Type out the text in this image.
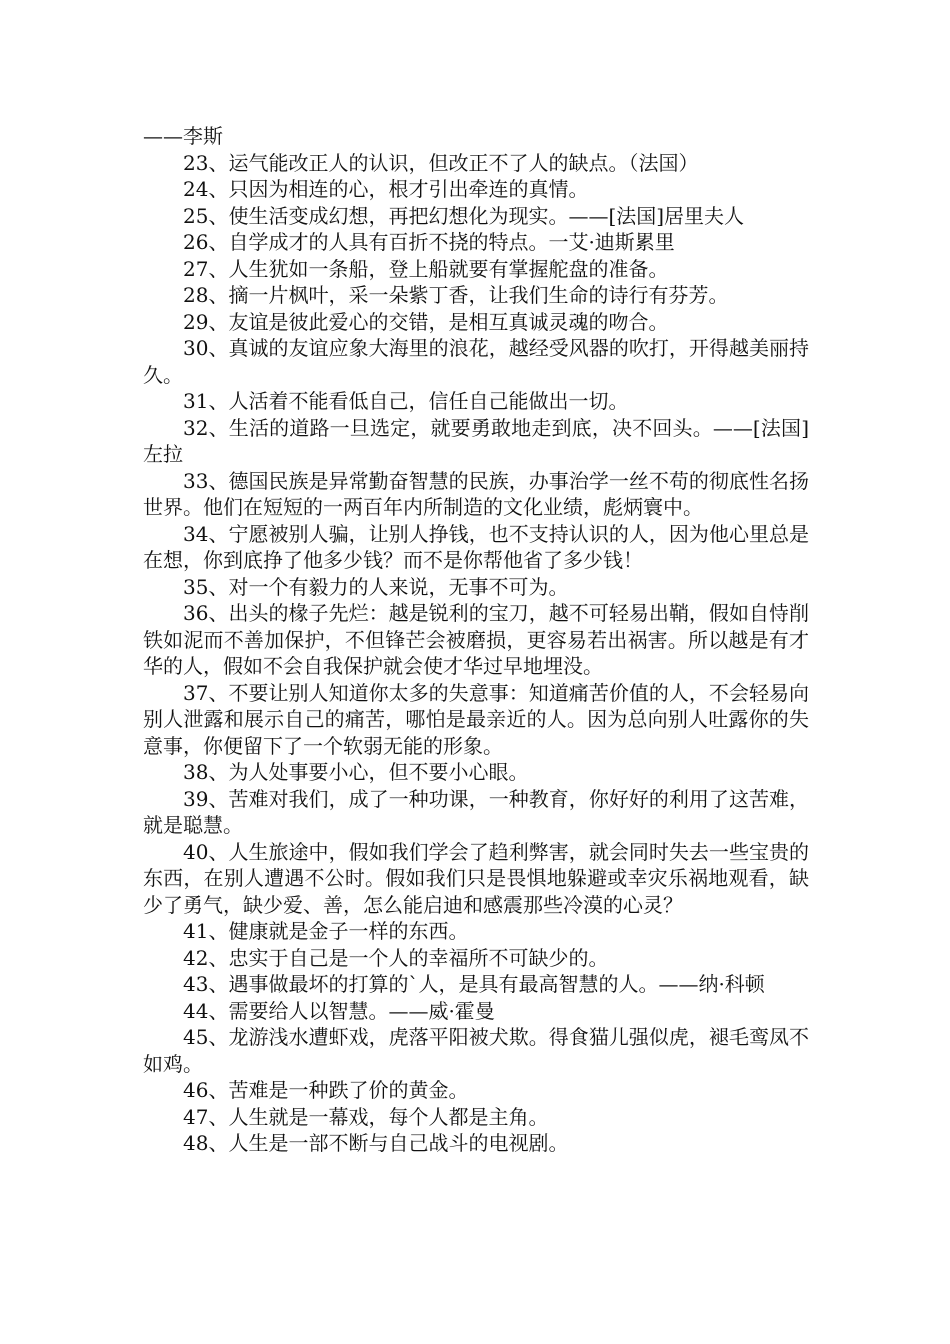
——李斯

23、运气能改正人的认识，但改正不了人的缺点。（法国）

24、只因为相连的心，根才引出牵连的真情。

25、使生活变成幻想，再把幻想化为现实。——[法国]居里夫人

26、自学成才的人具有百折不挠的特点。一艾·迪斯累里

27、人生犹如一条船，登上船就要有掌握舵盘的准备。

28、摘一片枫叶，采一朵紫丁香，让我们生命的诗行有芬芳。

29、友谊是彼此爱心的交错，是相互真诚灵魂的吻合。

30、真诚的友谊应象大海里的浪花，越经受风器的吹打，开得越美丽持久。

31、人活着不能看低自己，信任自己能做出一切。

32、生活的道路一旦选定，就要勇敢地走到底，决不回头。——[法国]左拉

33、德国民族是异常勤奋智慧的民族，办事治学一丝不苟的彻底性名扬世界。他们在短短的一两百年内所制造的文化业绩，彪炳寰中。

34、宁愿被别人骗，让别人挣钱，也不支持认识的人，因为他心里总是在想，你到底挣了他多少钱？而不是你帮他省了多少钱！

35、对一个有毅力的人来说，无事不可为。

36、出头的椽子先烂：越是锐利的宝刀，越不可轻易出鞘，假如自恃削铁如泥而不善加保护，不但锋芒会被磨损，更容易若出祸害。所以越是有才华的人，假如不会自我保护就会使才华过早地埋没。

37、不要让别人知道你太多的失意事：知道痛苦价值的人，不会轻易向别人泄露和展示自己的痛苦，哪怕是最亲近的人。因为总向别人吐露你的失意事，你便留下了一个软弱无能的形象。

38、为人处事要小心，但不要小心眼。

39、苦难对我们，成了一种功课，一种教育，你好好的利用了这苦难，就是聪慧。

40、人生旅途中，假如我们学会了趋利弊害，就会同时失去一些宝贵的东西，在别人遭遇不公时。假如我们只是畏惧地躲避或幸灾乐祸地观看，缺少了勇气，缺少爱、善，怎么能启迪和感震那些冷漠的心灵？

41、健康就是金子一样的东西。

42、忠实于自己是一个人的幸福所不可缺少的。

43、遇事做最坏的打算的`人，是具有最高智慧的人。——纳·科顿

44、需要给人以智慧。——威·霍曼

45、龙游浅水遭虾戏，虎落平阳被犬欺。得食猫儿强似虎，褪毛鸾凤不如鸡。

46、苦难是一种跌了价的黄金。

47、人生就是一幕戏，每个人都是主角。

48、人生是一部不断与自己战斗的电视剧。
